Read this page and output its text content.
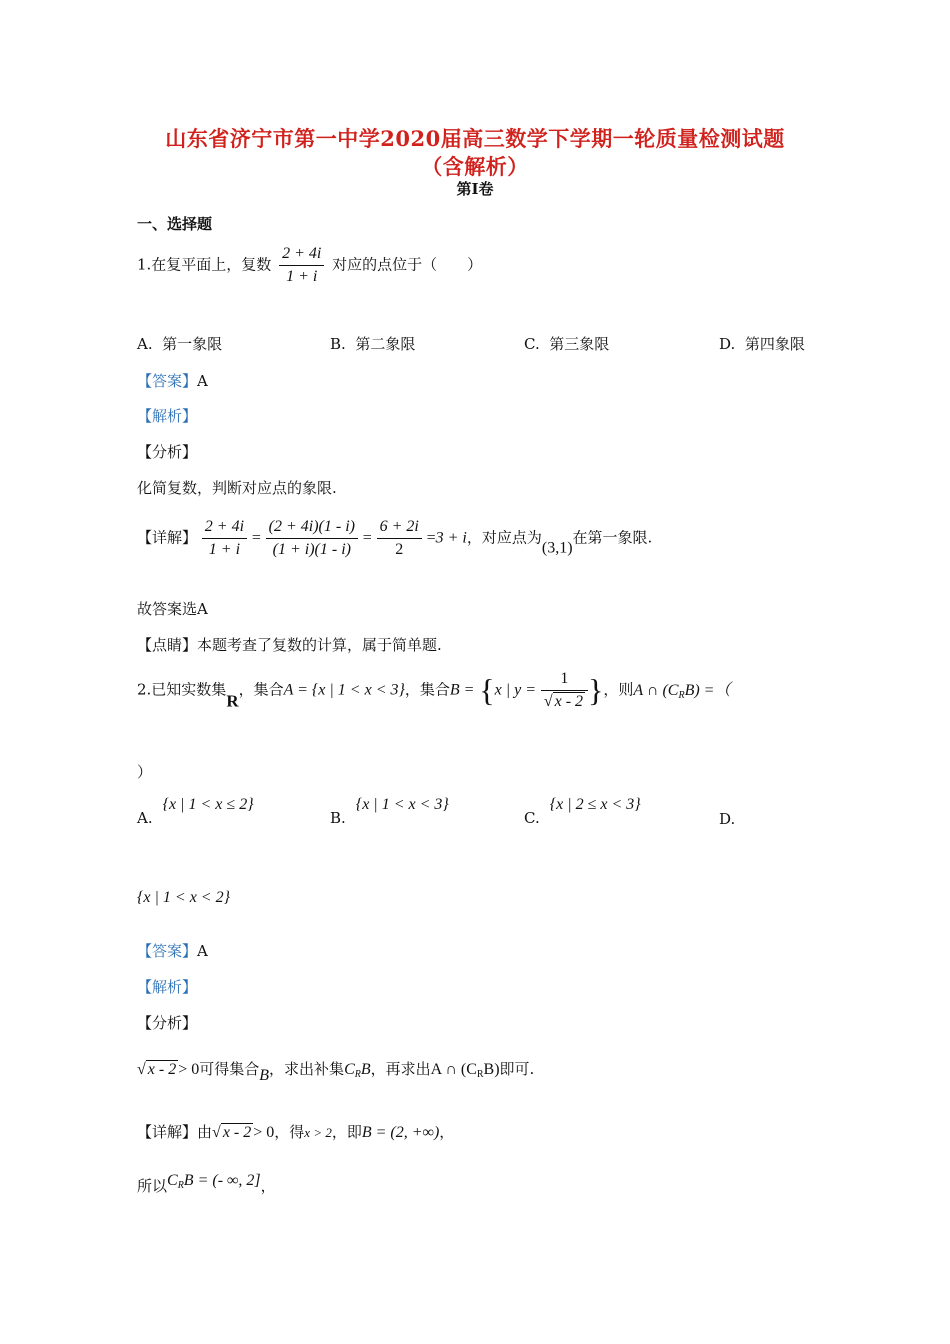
山东省济宁市第一中学2020届高三数学下学期一轮质量检测试题
（含解析）
第Ⅰ卷
一、选择题
1.在复平面上，复数 $\frac{2 + 4i}{1 + i}$ 对应的点位于（　　）
A. 第一象限	B. 第二象限	C. 第三象限	D. 第四象限
【答案】A
【解析】
【分析】
化简复数，判断对应点的象限.
【详解】 $\frac{2 + 4i}{1 + i} = \frac{(2 + 4i)(1 - i)}{(1 + i)(1 - i)} = \frac{6 + 2i}{2} =3 + i$，对应点为(3,1)在第一象限.
故答案选A
【点睛】本题考查了复数的计算，属于简单题.
2.已知实数集R，集合A = {x | 1 < x < 3}，集合B = {x | $y = \frac{1}{√ x - 2}$ }，则A ∩ $(C_RB)$ =（
）
A.{x | 1 < x ≤ 2}
B.{x | 1 < x < 3}
C.{x | 2 ≤ x < 3}
D.
{x | 1 < x < 2}
【答案】A
【解析】
【分析】
√ x - 2 > 0可得集合B，求出补集$C_RB$，再求出A ∩ $(C_RB)$即可.
【详解】由√ x - 2 > 0，得x > 2，即B = (2, +∞)，
所以$C_RB$ = (- ∞, 2]，
